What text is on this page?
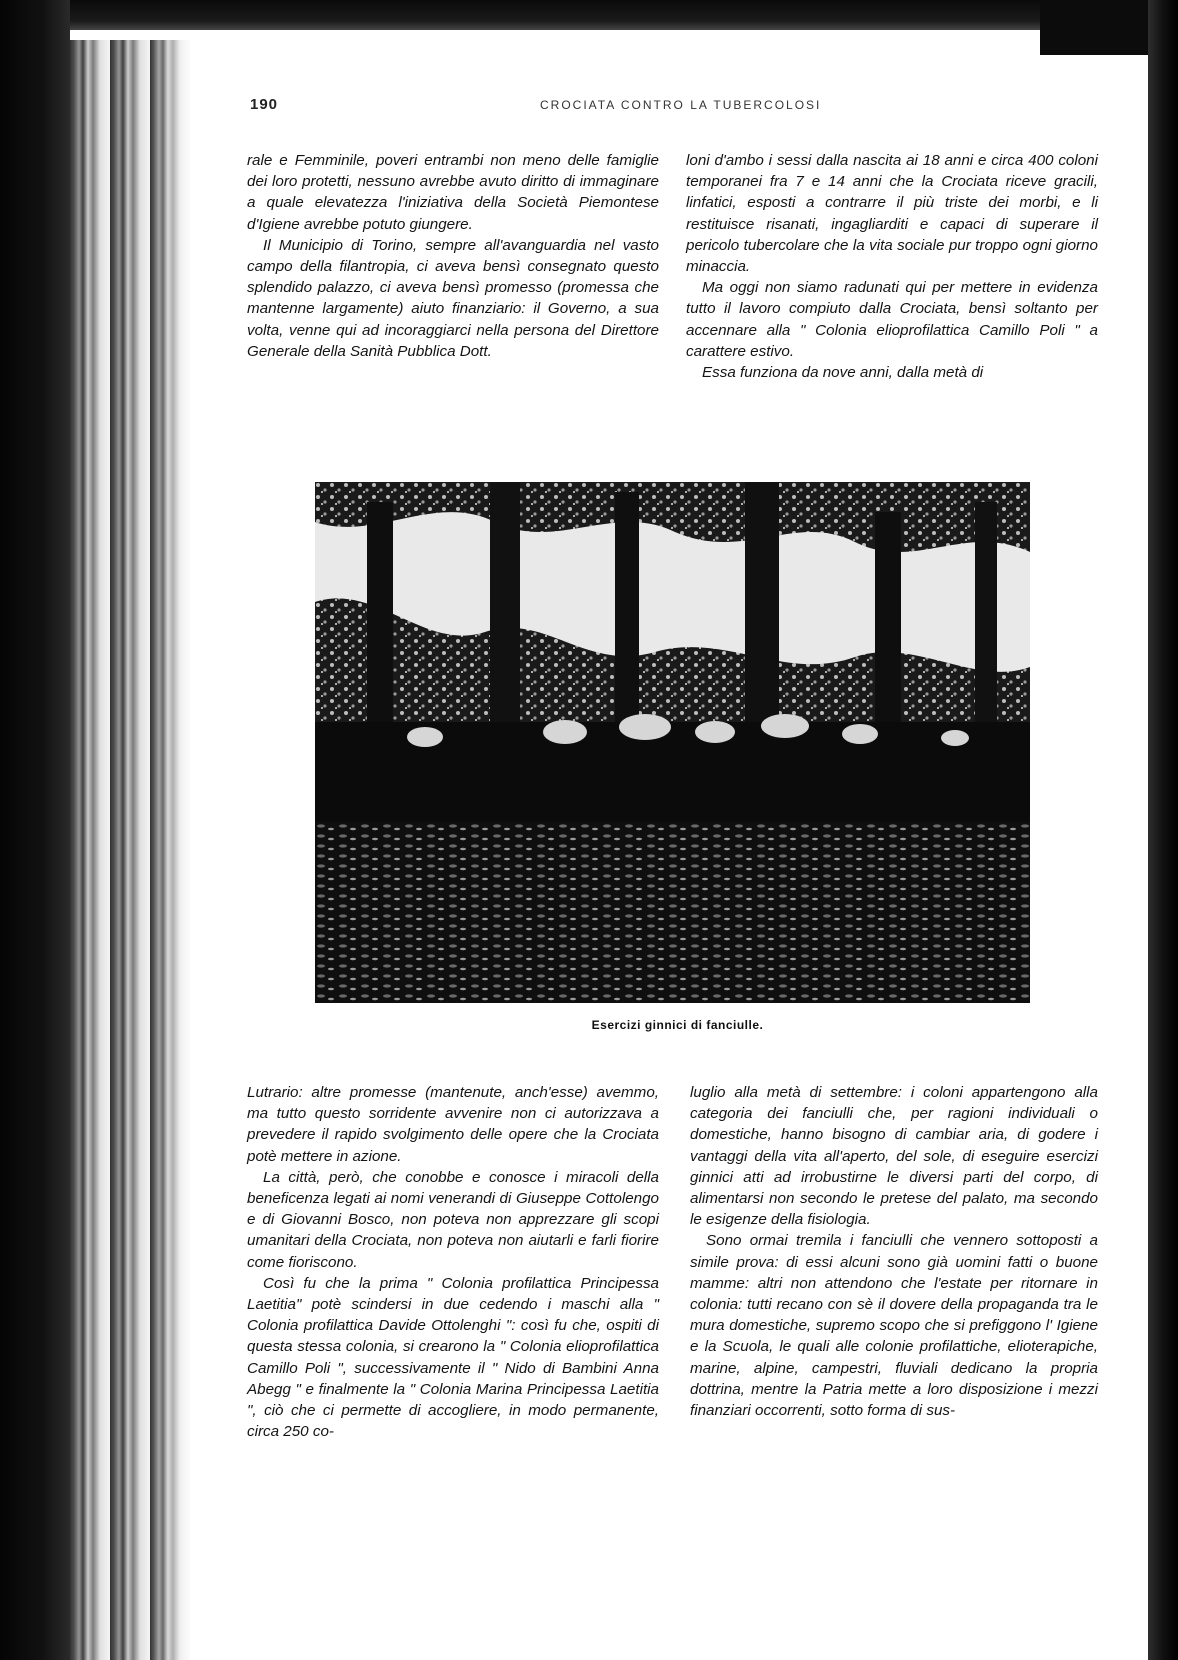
190	CROCIATA CONTRO LA TUBERCOLOSI

rale e Femminile, poveri entrambi non meno delle famiglie dei loro protetti, nessuno avrebbe avuto diritto di immaginare a quale elevatezza l'iniziativa della Società Piemontese d'Igiene avrebbe potuto giungere.

Il Municipio di Torino, sempre all'avanguardia nel vasto campo della filantropia, ci aveva bensì consegnato questo splendido palazzo, ci aveva bensì promesso (promessa che mantenne largamente) aiuto finanziario: il Governo, a sua volta, venne qui ad incoraggiarci nella persona del Direttore Generale della Sanità Pubblica Dott.

loni d'ambo i sessi dalla nascita ai 18 anni e circa 400 coloni temporanei fra 7 e 14 anni che la Crociata riceve gracili, linfatici, esposti a contrarre il più triste dei morbi, e li restituisce risanati, ingagliarditi e capaci di superare il pericolo tubercolare che la vita sociale pur troppo ogni giorno minaccia.

Ma oggi non siamo radunati qui per mettere in evidenza tutto il lavoro compiuto dalla Crociata, bensì soltanto per accennare alla " Colonia elioprofilattica Camillo Poli " a carattere estivo.

Essa funziona da nove anni, dalla metà di

Esercizi ginnici di fanciulle.

Lutrario: altre promesse (mantenute, anch'esse) avemmo, ma tutto questo sorridente avvenire non ci autorizzava a prevedere il rapido svolgimento delle opere che la Crociata potè mettere in azione.

La città, però, che conobbe e conosce i miracoli della beneficenza legati ai nomi venerandi di Giuseppe Cottolengo e di Giovanni Bosco, non poteva non apprezzare gli scopi umanitari della Crociata, non poteva non aiutarli e farli fiorire come fioriscono.

Così fu che la prima " Colonia profilattica Principessa Laetitia" potè scindersi in due cedendo i maschi alla " Colonia profilattica Davide Ottolenghi ": così fu che, ospiti di questa stessa colonia, si crearono la " Colonia elioprofilattica Camillo Poli ", successivamente il " Nido di Bambini Anna Abegg " e finalmente la " Colonia Marina Principessa Laetitia ", ciò che ci permette di accogliere, in modo permanente, circa 250 co-

luglio alla metà di settembre: i coloni appartengono alla categoria dei fanciulli che, per ragioni individuali o domestiche, hanno bisogno di cambiar aria, di godere i vantaggi della vita all'aperto, del sole, di eseguire esercizi ginnici atti ad irrobustirne le diversi parti del corpo, di alimentarsi non secondo le pretese del palato, ma secondo le esigenze della fisiologia.

Sono ormai tremila i fanciulli che vennero sottoposti a simile prova: di essi alcuni sono già uomini fatti o buone mamme: altri non attendono che l'estate per ritornare in colonia: tutti recano con sè il dovere della propaganda tra le mura domestiche, supremo scopo che si prefiggono l' Igiene e la Scuola, le quali alle colonie profilattiche, elioterapiche, marine, alpine, campestri, fluviali dedicano la propria dottrina, mentre la Patria mette a loro disposizione i mezzi finanziari occorrenti, sotto forma di sus-
